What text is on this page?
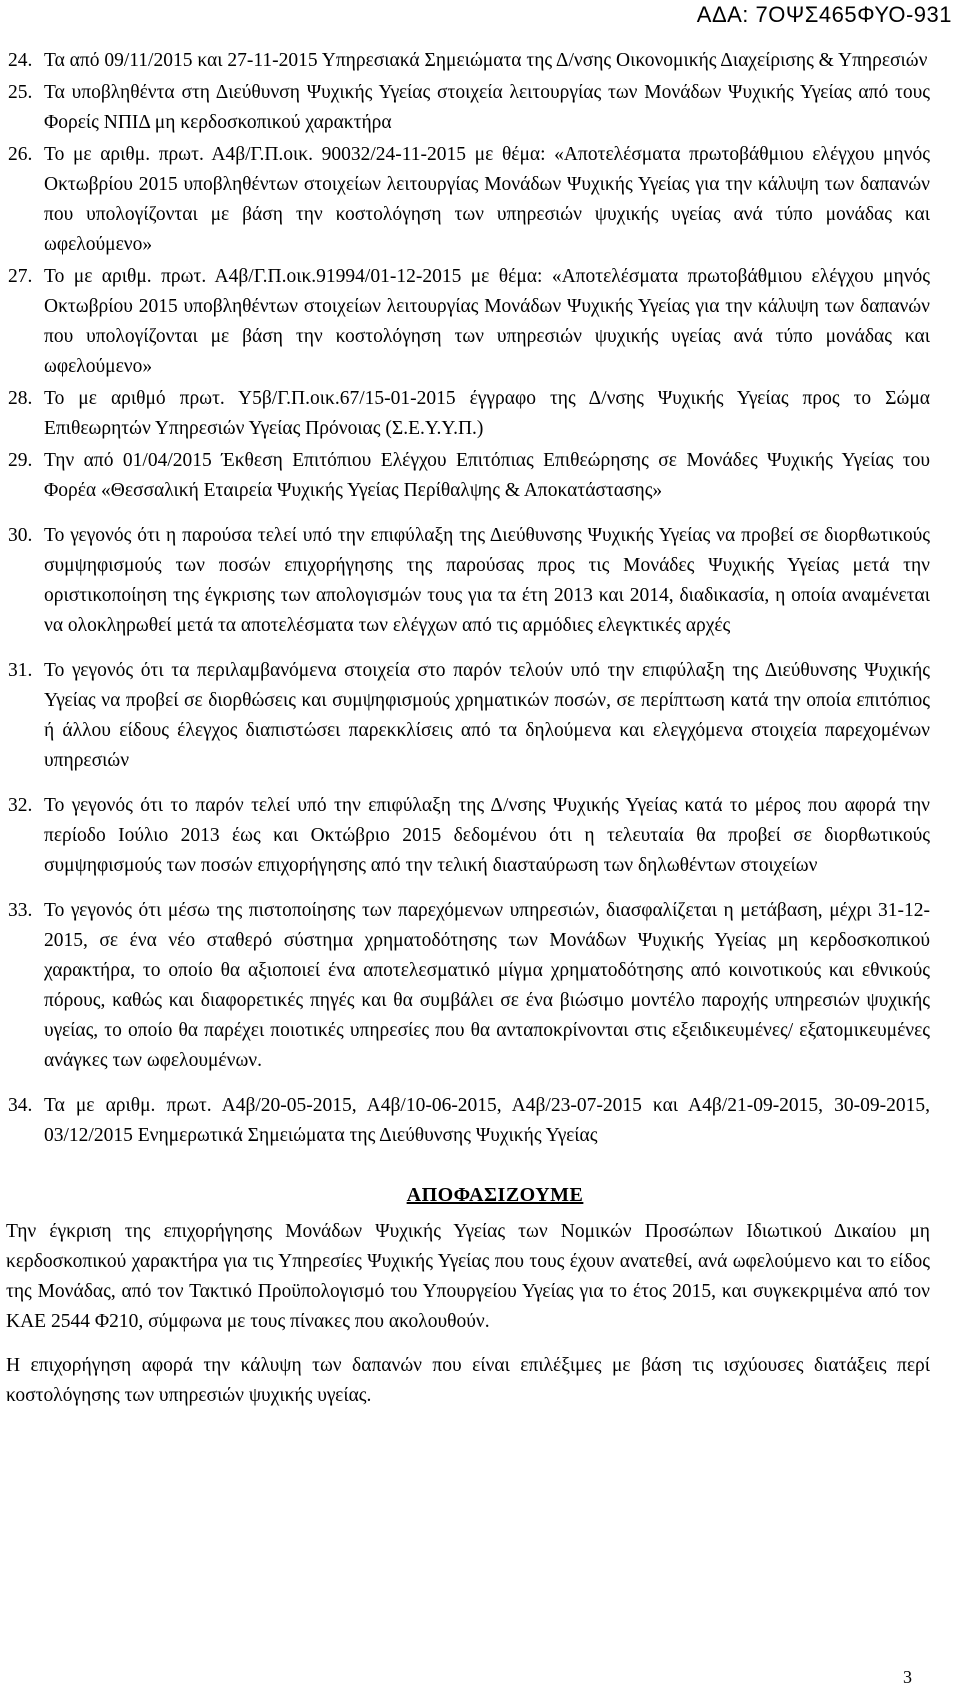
ΑΔΑ: 7ΟΨΣ465ΦΥΟ-931
24. Τα από 09/11/2015 και 27-11-2015 Υπηρεσιακά Σημειώματα της Δ/νσης Οικονομικής Διαχείρισης & Υπηρεσιών
25. Τα υποβληθέντα στη Διεύθυνση Ψυχικής Υγείας στοιχεία λειτουργίας των Μονάδων Ψυχικής Υγείας από τους Φορείς ΝΠΙΔ μη κερδοσκοπικού χαρακτήρα
26. Το με αριθμ. πρωτ. Α4β/Γ.Π.οικ. 90032/24-11-2015 με θέμα: «Αποτελέσματα πρωτοβάθμιου ελέγχου μηνός Οκτωβρίου 2015 υποβληθέντων στοιχείων λειτουργίας Μονάδων Ψυχικής Υγείας για την κάλυψη των δαπανών που υπολογίζονται με βάση την κοστολόγηση των υπηρεσιών ψυχικής υγείας ανά τύπο μονάδας και ωφελούμενο»
27. Το με αριθμ. πρωτ. Α4β/Γ.Π.οικ.91994/01-12-2015 με θέμα: «Αποτελέσματα πρωτοβάθμιου ελέγχου μηνός Οκτωβρίου 2015 υποβληθέντων στοιχείων λειτουργίας Μονάδων Ψυχικής Υγείας για την κάλυψη των δαπανών που υπολογίζονται με βάση την κοστολόγηση των υπηρεσιών ψυχικής υγείας ανά τύπο μονάδας και ωφελούμενο»
28. Το με αριθμό πρωτ. Υ5β/Γ.Π.οικ.67/15-01-2015 έγγραφο της Δ/νσης Ψυχικής Υγείας προς το Σώμα Επιθεωρητών Υπηρεσιών Υγείας Πρόνοιας (Σ.Ε.Υ.Υ.Π.)
29. Την από 01/04/2015 Έκθεση Επιτόπιου Ελέγχου Επιτόπιας Επιθεώρησης σε Μονάδες Ψυχικής Υγείας του Φορέα «Θεσσαλική Εταιρεία Ψυχικής Υγείας Περίθαλψης & Αποκατάστασης»
30. Το γεγονός ότι η παρούσα τελεί υπό την επιφύλαξη της Διεύθυνσης Ψυχικής Υγείας να προβεί σε διορθωτικούς συμψηφισμούς των ποσών επιχορήγησης της παρούσας προς τις Μονάδες Ψυχικής Υγείας μετά την οριστικοποίηση της έγκρισης των απολογισμών τους για τα έτη 2013 και 2014, διαδικασία, η οποία αναμένεται να ολοκληρωθεί μετά τα αποτελέσματα των ελέγχων από τις αρμόδιες ελεγκτικές αρχές
31. Το γεγονός ότι τα περιλαμβανόμενα στοιχεία στο παρόν τελούν υπό την επιφύλαξη της Διεύθυνσης Ψυχικής Υγείας να προβεί σε διορθώσεις και συμψηφισμούς χρηματικών ποσών, σε περίπτωση κατά την οποία επιτόπιος ή άλλου είδους έλεγχος διαπιστώσει παρεκκλίσεις από τα δηλούμενα και ελεγχόμενα στοιχεία παρεχομένων υπηρεσιών
32. Το γεγονός ότι το παρόν τελεί υπό την επιφύλαξη της Δ/νσης Ψυχικής Υγείας κατά το μέρος που αφορά την περίοδο Ιούλιο 2013 έως και Οκτώβριο 2015 δεδομένου ότι η τελευταία θα προβεί σε διορθωτικούς συμψηφισμούς των ποσών επιχορήγησης από την τελική διασταύρωση των δηλωθέντων στοιχείων
33. Το γεγονός ότι μέσω της πιστοποίησης των παρεχόμενων υπηρεσιών, διασφαλίζεται η μετάβαση, μέχρι 31-12-2015, σε ένα νέο σταθερό σύστημα χρηματοδότησης των Μονάδων Ψυχικής Υγείας μη κερδοσκοπικού χαρακτήρα, το οποίο θα αξιοποιεί ένα αποτελεσματικό μίγμα χρηματοδότησης από κοινοτικούς και εθνικούς πόρους, καθώς και διαφορετικές πηγές και θα συμβάλει σε ένα βιώσιμο μοντέλο παροχής υπηρεσιών ψυχικής υγείας, το οποίο θα παρέχει ποιοτικές υπηρεσίες που θα ανταποκρίνονται στις εξειδικευμένες/ εξατομικευμένες ανάγκες των ωφελουμένων.
34. Τα με αριθμ. πρωτ. Α4β/20-05-2015, Α4β/10-06-2015, Α4β/23-07-2015 και Α4β/21-09-2015, 30-09-2015, 03/12/2015 Ενημερωτικά Σημειώματα της Διεύθυνσης Ψυχικής Υγείας
ΑΠΟΦΑΣΙΖΟΥΜΕ
Την έγκριση της επιχορήγησης Μονάδων Ψυχικής Υγείας των Νομικών Προσώπων Ιδιωτικού Δικαίου μη κερδοσκοπικού χαρακτήρα για τις Υπηρεσίες Ψυχικής Υγείας που τους έχουν ανατεθεί, ανά ωφελούμενο και το είδος της Μονάδας, από τον Τακτικό Προϋπολογισμό του Υπουργείου Υγείας για το έτος 2015, και συγκεκριμένα από τον ΚΑΕ 2544 Φ210, σύμφωνα με τους πίνακες που ακολουθούν.
Η επιχορήγηση αφορά την κάλυψη των δαπανών που είναι επιλέξιμες με βάση τις ισχύουσες διατάξεις περί κοστολόγησης των υπηρεσιών ψυχικής υγείας.
3
